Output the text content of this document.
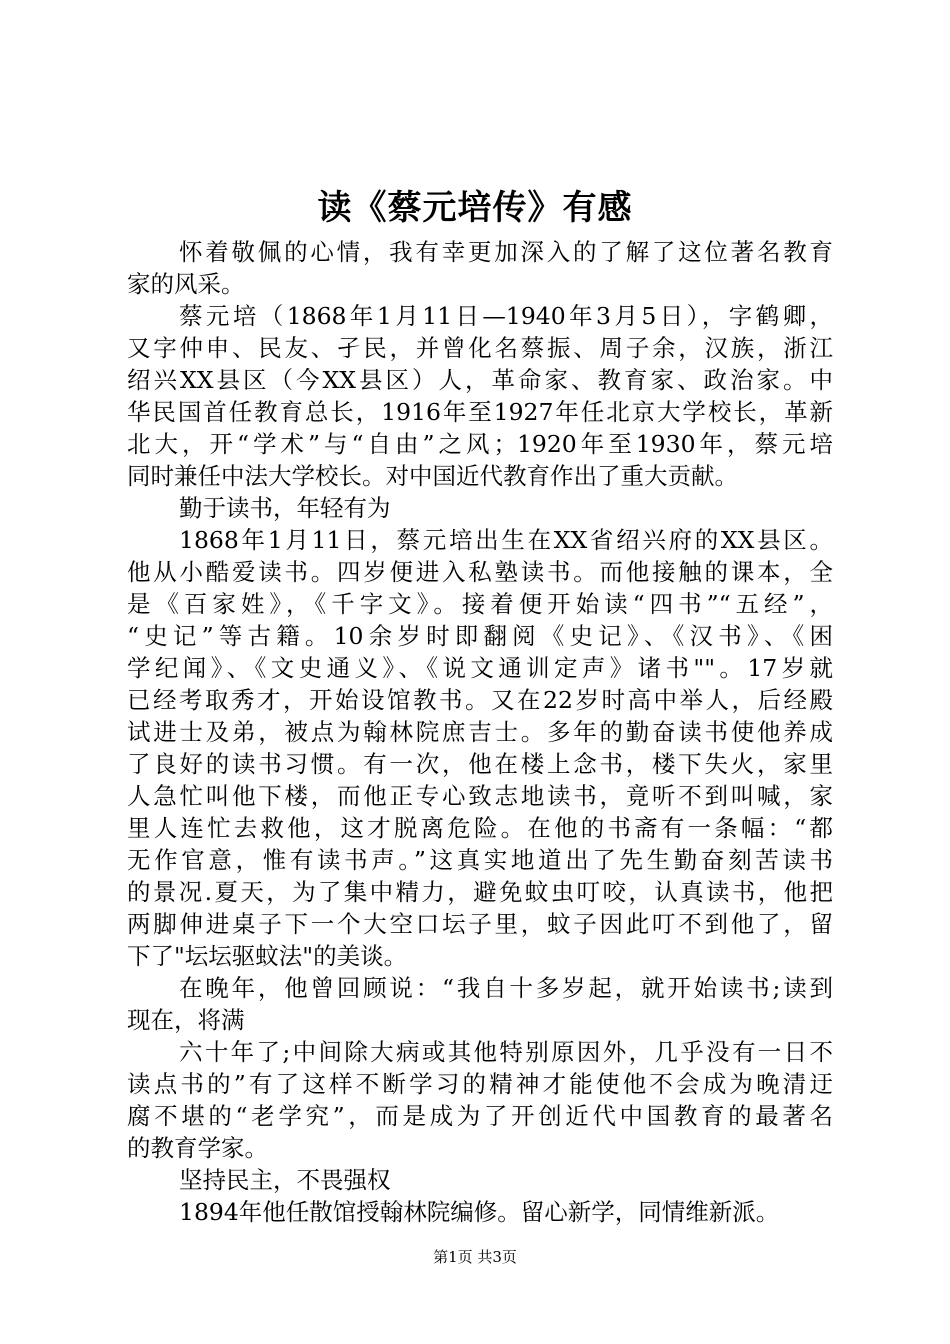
读《蔡元培传》有感
怀着敬佩的心情，我有幸更加深入的了解了这位著名教育
家的风采。
蔡元培（1868年1月11日—1940年3月5日），字鹤卿，
又字仲申、民友、孑民，并曾化名蔡振、周子余，汉族，浙江
绍兴XX县区（今XX县区）人，革命家、教育家、政治家。中
华民国首任教育总长，1916年至1927年任北京大学校长，革新
北大，开“学术”与“自由”之风；1920年至1930年，蔡元培
同时兼任中法大学校长。对中国近代教育作出了重大贡献。
勤于读书，年轻有为
1868年1月11日，蔡元培出生在XX省绍兴府的XX县区。
他从小酷爱读书。四岁便进入私塾读书。而他接触的课本，全
是《百家姓》，《千字文》。接着便开始读“四书”“五经”，
“史记”等古籍。10余岁时即翻阅《史记》、《汉书》、《困
学纪闻》、《文史通义》、《说文通训定声》诸书""。17岁就
已经考取秀才，开始设馆教书。又在22岁时高中举人，后经殿
试进士及弟，被点为翰林院庶吉士。多年的勤奋读书使他养成
了良好的读书习惯。有一次，他在楼上念书，楼下失火，家里
人急忙叫他下楼，而他正专心致志地读书，竟听不到叫喊，家
里人连忙去救他，这才脱离危险。在他的书斋有一条幅：“都
无作官意，惟有读书声。”这真实地道出了先生勤奋刻苦读书
的景况.夏天，为了集中精力，避免蚊虫叮咬，认真读书，他把
两脚伸进桌子下一个大空口坛子里，蚊子因此叮不到他了，留
下了"坛坛驱蚊法"的美谈。
在晚年，他曾回顾说：“我自十多岁起，就开始读书;读到
现在，将满
六十年了;中间除大病或其他特别原因外，几乎没有一日不
读点书的”有了这样不断学习的精神才能使他不会成为晚清迂
腐不堪的“老学究”，而是成为了开创近代中国教育的最著名
的教育学家。
坚持民主，不畏强权
1894年他任散馆授翰林院编修。留心新学，同情维新派。
第1页 共3页
